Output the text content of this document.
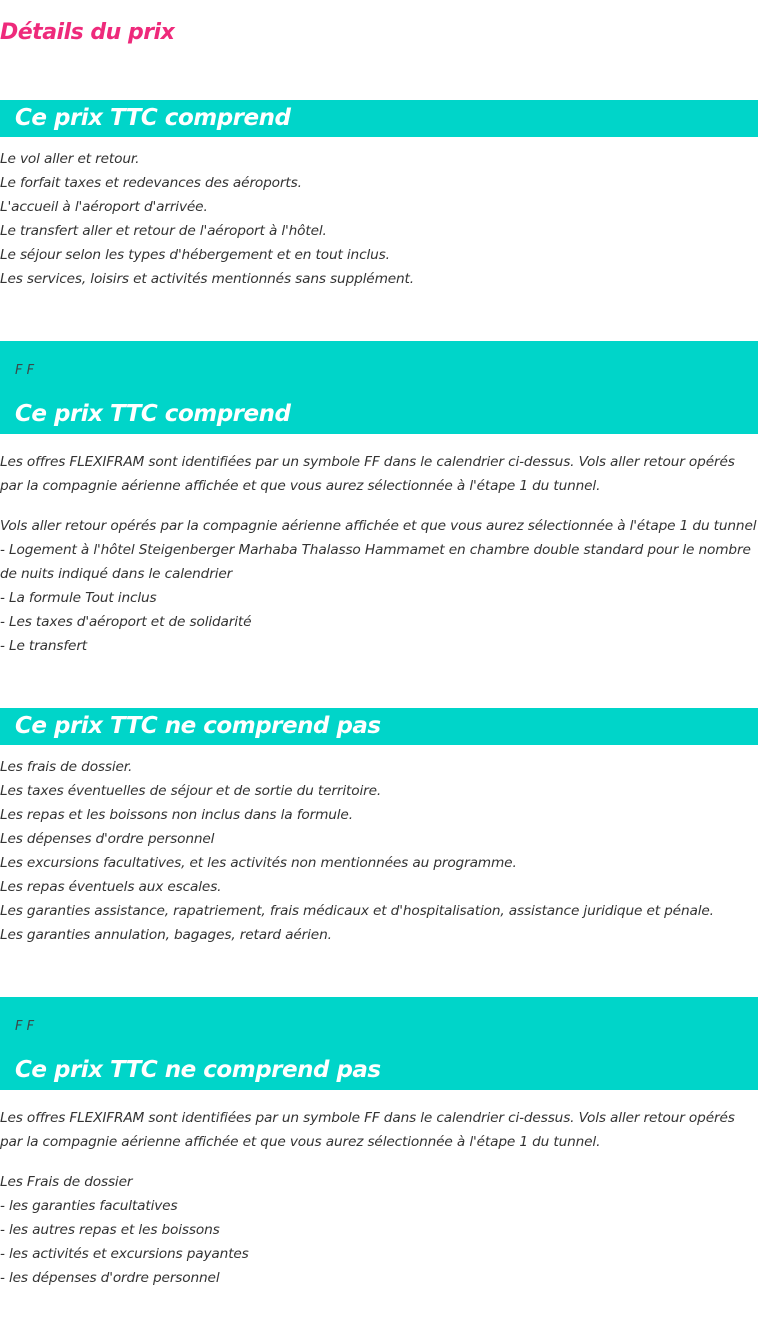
Détails du prix
Ce prix TTC comprend
Le vol aller et retour.
Le forfait taxes et redevances des aéroports.
L'accueil à l'aéroport d'arrivée.
Le transfert aller et retour de l'aéroport à l'hôtel.
Le séjour selon les types d'hébergement et en tout inclus.
Les services, loisirs et activités mentionnés sans supplément.
F F
Ce prix TTC comprend

Les offres FLEXIFRAM sont identifiées par un symbole FF dans le calendrier ci-dessus. Vols aller retour opérés par la compagnie aérienne affichée et que vous aurez sélectionnée à l'étape 1 du tunnel.

Vols aller retour opérés par la compagnie aérienne affichée et que vous aurez sélectionnée à l'étape 1 du tunnel

- Logement à l'hôtel Steigenberger Marhaba Thalasso Hammamet en chambre double standard pour le nombre de nuits indiqué dans le calendrier

- La formule Tout inclus

- Les taxes d'aéroport et de solidarité

- Le transfert

Ce prix TTC ne comprend pas
Les frais de dossier.
Les taxes éventuelles de séjour et de sortie du territoire.
Les repas et les boissons non inclus dans la formule.
Les dépenses d'ordre personnel
Les excursions facultatives, et les activités non mentionnées au programme.
Les repas éventuels aux escales.
Les garanties assistance, rapatriement, frais médicaux et d'hospitalisation, assistance juridique et pénale.
Les garanties annulation, bagages, retard aérien.
F F
Ce prix TTC ne comprend pas

Les offres FLEXIFRAM sont identifiées par un symbole FF dans le calendrier ci-dessus. Vols aller retour opérés par la compagnie aérienne affichée et que vous aurez sélectionnée à l'étape 1 du tunnel.

Les Frais de dossier

- les garanties facultatives

- les autres repas et les boissons

- les activités et excursions payantes

- les dépenses d'ordre personnel
